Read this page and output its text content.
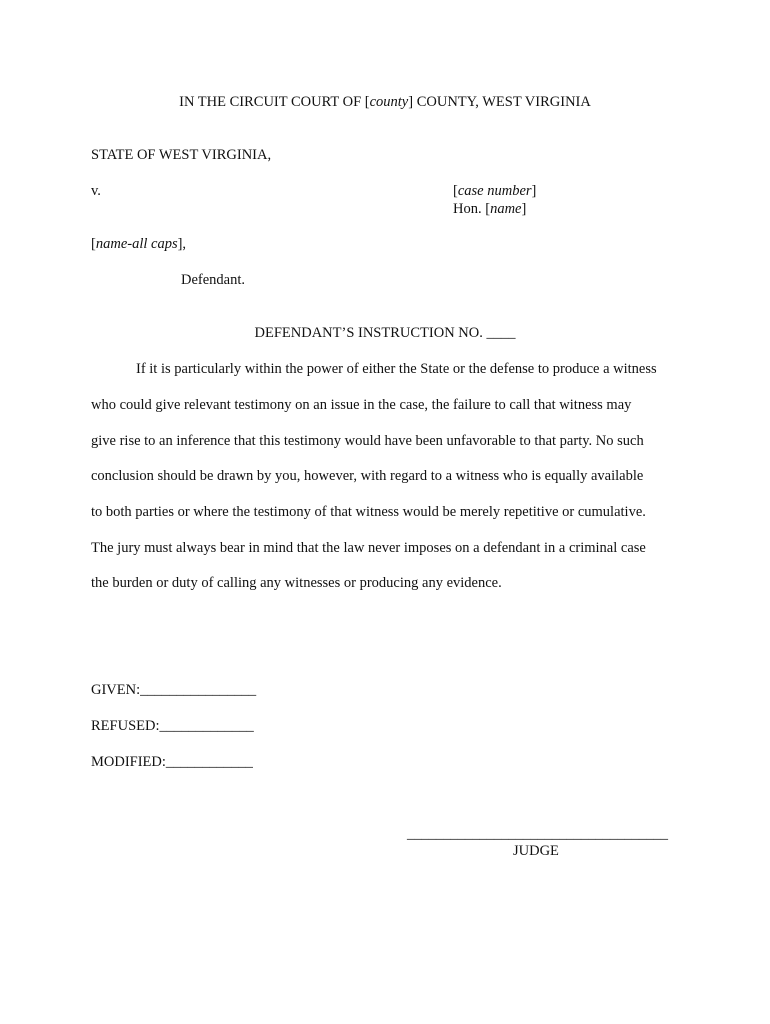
IN THE CIRCUIT COURT OF [county] COUNTY, WEST VIRGINIA
STATE OF WEST VIRGINIA,
v.	[case number]
Hon. [name]
[name-all caps],
Defendant.
DEFENDANT’S INSTRUCTION NO. ____
If it is particularly within the power of either the State or the defense to produce a witness
who could give relevant testimony on an issue in the case, the failure to call that witness may
give rise to an inference that this testimony would have been unfavorable to that party. No such
conclusion should be drawn by you, however, with regard to a witness who is equally available
to both parties or where the testimony of that witness would be merely repetitive or cumulative.
The jury must always bear in mind that the law never imposes on a defendant in a criminal case
the burden or duty of calling any witnesses or producing any evidence.
GIVEN:________________
REFUSED:_____________
MODIFIED:____________
____________________________________
JUDGE
